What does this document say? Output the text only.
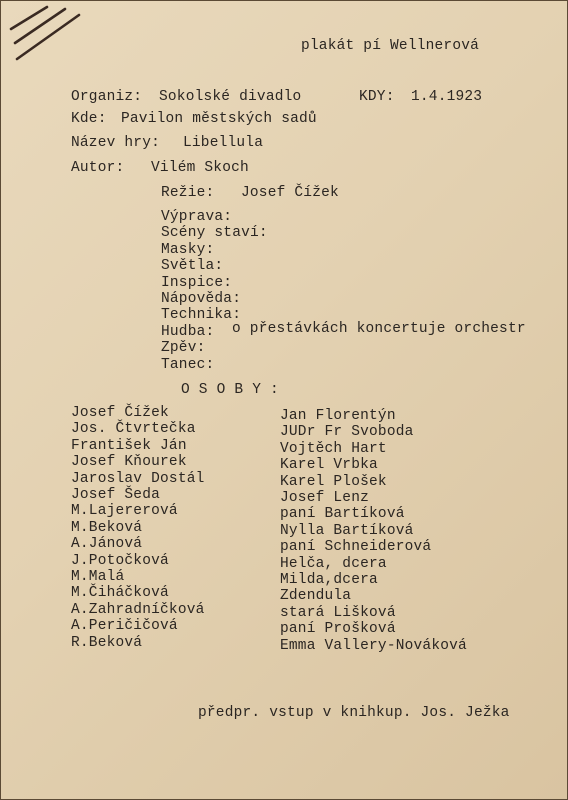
plakát pí Wellnerová
Organiz: Sokolské divadlo	KDY: 1.4.1923
Kde: Pavilon městských sadů
Název hry: Libellula
Autor: Vilém Skoch
Režie: Josef Čížek
Výprava:
Scény staví:
Masky:
Světla:
Inspice:
Nápověda:
Technika:
Hudba:
Zpěv:
Tanec:
o přestávkách koncertuje orchestr
O S O B Y :
Josef Čížek
Jos. Čtvrtečka
František Ján
Josef Kňourek
Jaroslav Dostál
Josef Šeda
M.Lajererová
M.Beková
A.Jánová
J.Potočková
M.Malá
M.Čiháčková
A.Zahradníčková
A.Peričičová
R.Beková
Jan Florentýn
JUDr Fr Svoboda
Vojtěch Hart
Karel Vrbka
Karel Plošek
Josef Lenz
paní Bartíková
Nylla Bartíková
paní Schneiderová
Helča, dcera
Milda,dcera
Zdendula
stará Lišková
paní Prošková
Emma Vallery-Nováková
předpr. vstup v knihkup. Jos. Ježka
